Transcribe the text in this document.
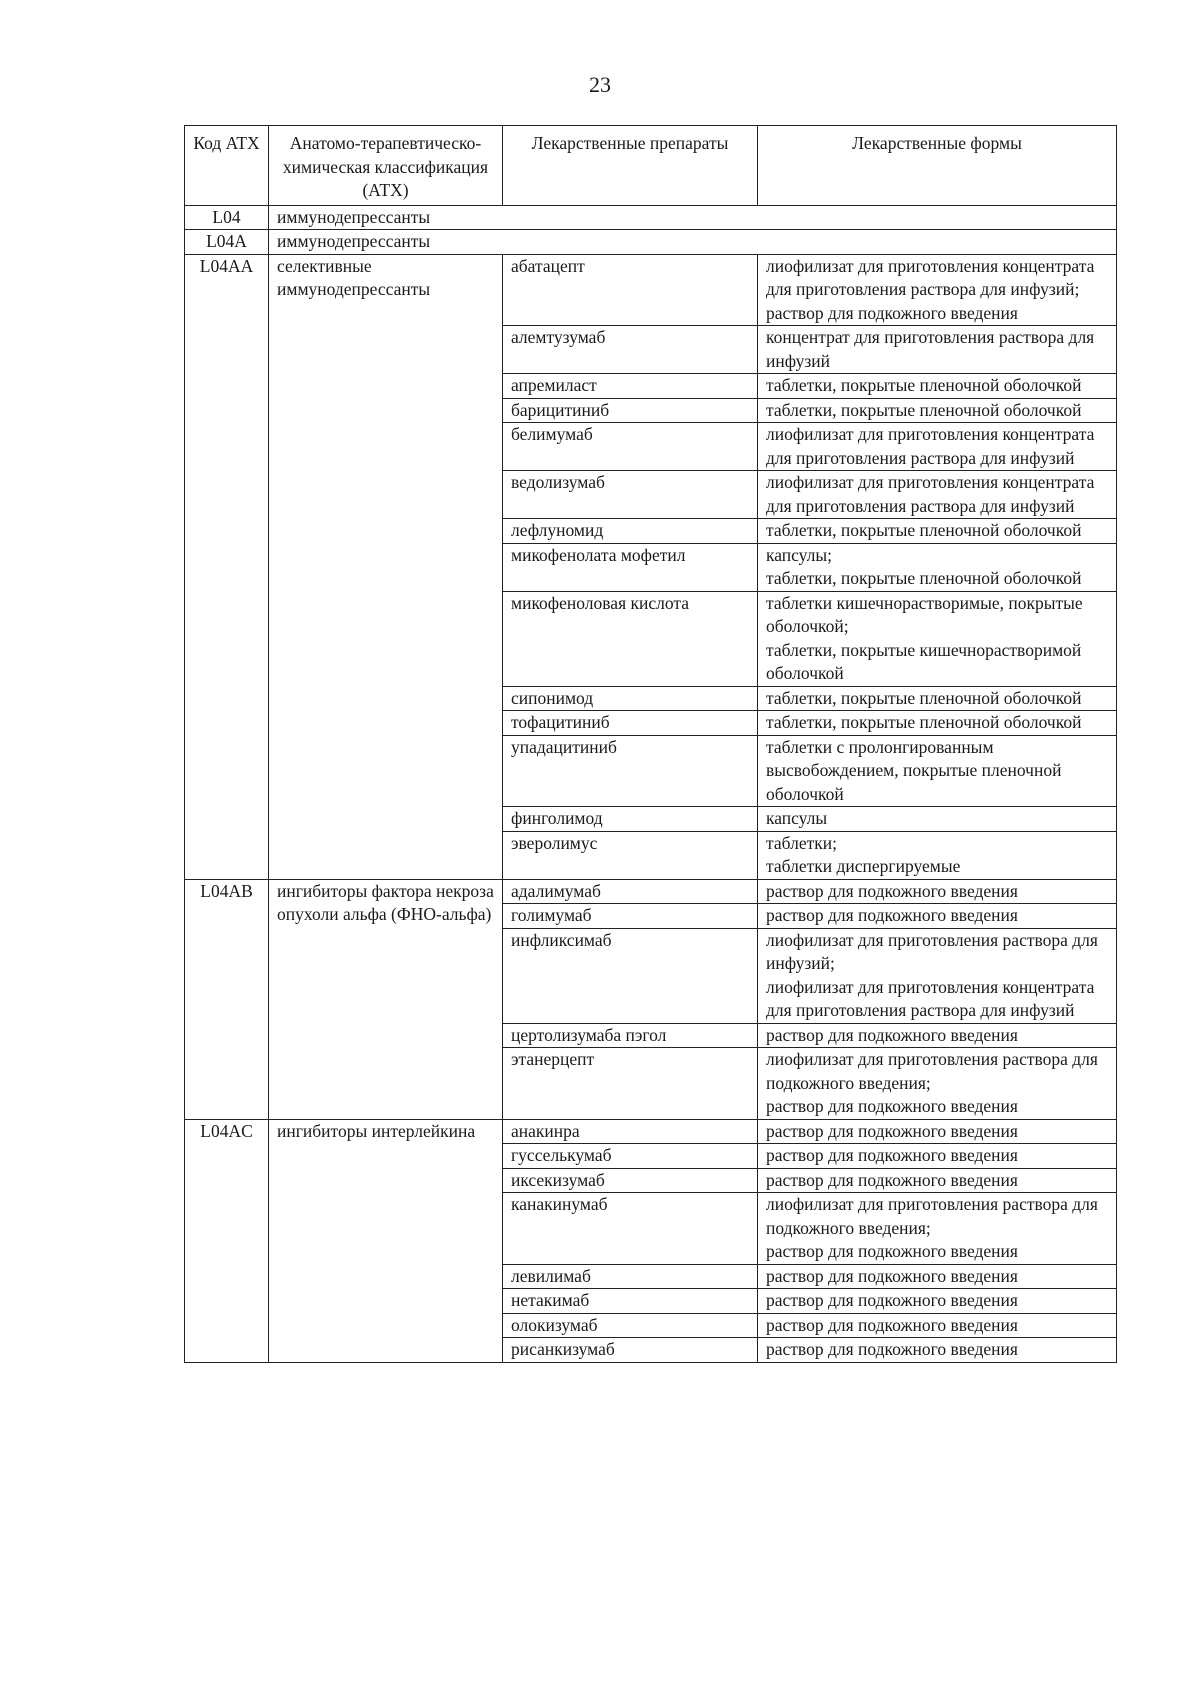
23
Код ATX	Анатомо-терапевтическо-химическая классификация (АТХ)	Лекарственные препараты	Лекарственные формы
L04	иммунодепрессанты		
L04A	иммунодепрессанты		
L04AA	селективные иммунодепрессанты	абатацепт	лиофилизат для приготовления концентрата для приготовления раствора для инфузий; раствор для подкожного введения
		алемтузумаб	концентрат для приготовления раствора для инфузий
		апремиласт	таблетки, покрытые пленочной оболочкой
		барицитиниб	таблетки, покрытые пленочной оболочкой
		белимумаб	лиофилизат для приготовления концентрата для приготовления раствора для инфузий
		ведолизумаб	лиофилизат для приготовления концентрата для приготовления раствора для инфузий
		лефлуномид	таблетки, покрытые пленочной оболочкой
		микофенолата мофетил	капсулы;
таблетки, покрытые пленочной оболочкой
		микофеноловая кислота	таблетки кишечнорастворимые, покрытые оболочкой;
таблетки, покрытые кишечнорастворимой оболочкой
		сипонимод	таблетки, покрытые пленочной оболочкой
		тофацитиниб	таблетки, покрытые пленочной оболочкой
		упадацитиниб	таблетки с пролонгированным высвобождением, покрытые пленочной оболочкой
		финголимод	капсулы
		эверолимус	таблетки;
таблетки диспергируемые
L04AB	ингибиторы фактора некроза опухоли альфа (ФНО-альфа)	адалимумаб	раствор для подкожного введения
		голимумаб	раствор для подкожного введения
		инфликсимаб	лиофилизат для приготовления раствора для инфузий;
лиофилизат для приготовления концентрата для приготовления раствора для инфузий
		цертолизумаба пэгол	раствор для подкожного введения
		этанерцепт	лиофилизат для приготовления раствора для подкожного введения;
раствор для подкожного введения
L04AC	ингибиторы интерлейкина	анакинра	раствор для подкожного введения
		гусселькумаб	раствор для подкожного введения
		иксекизумаб	раствор для подкожного введения
		канакинумаб	лиофилизат для приготовления раствора для подкожного введения;
раствор для подкожного введения
		левилимаб	раствор для подкожного введения
		нетакимаб	раствор для подкожного введения
		олокизумаб	раствор для подкожного введения
		рисанкизумаб	раствор для подкожного введения
